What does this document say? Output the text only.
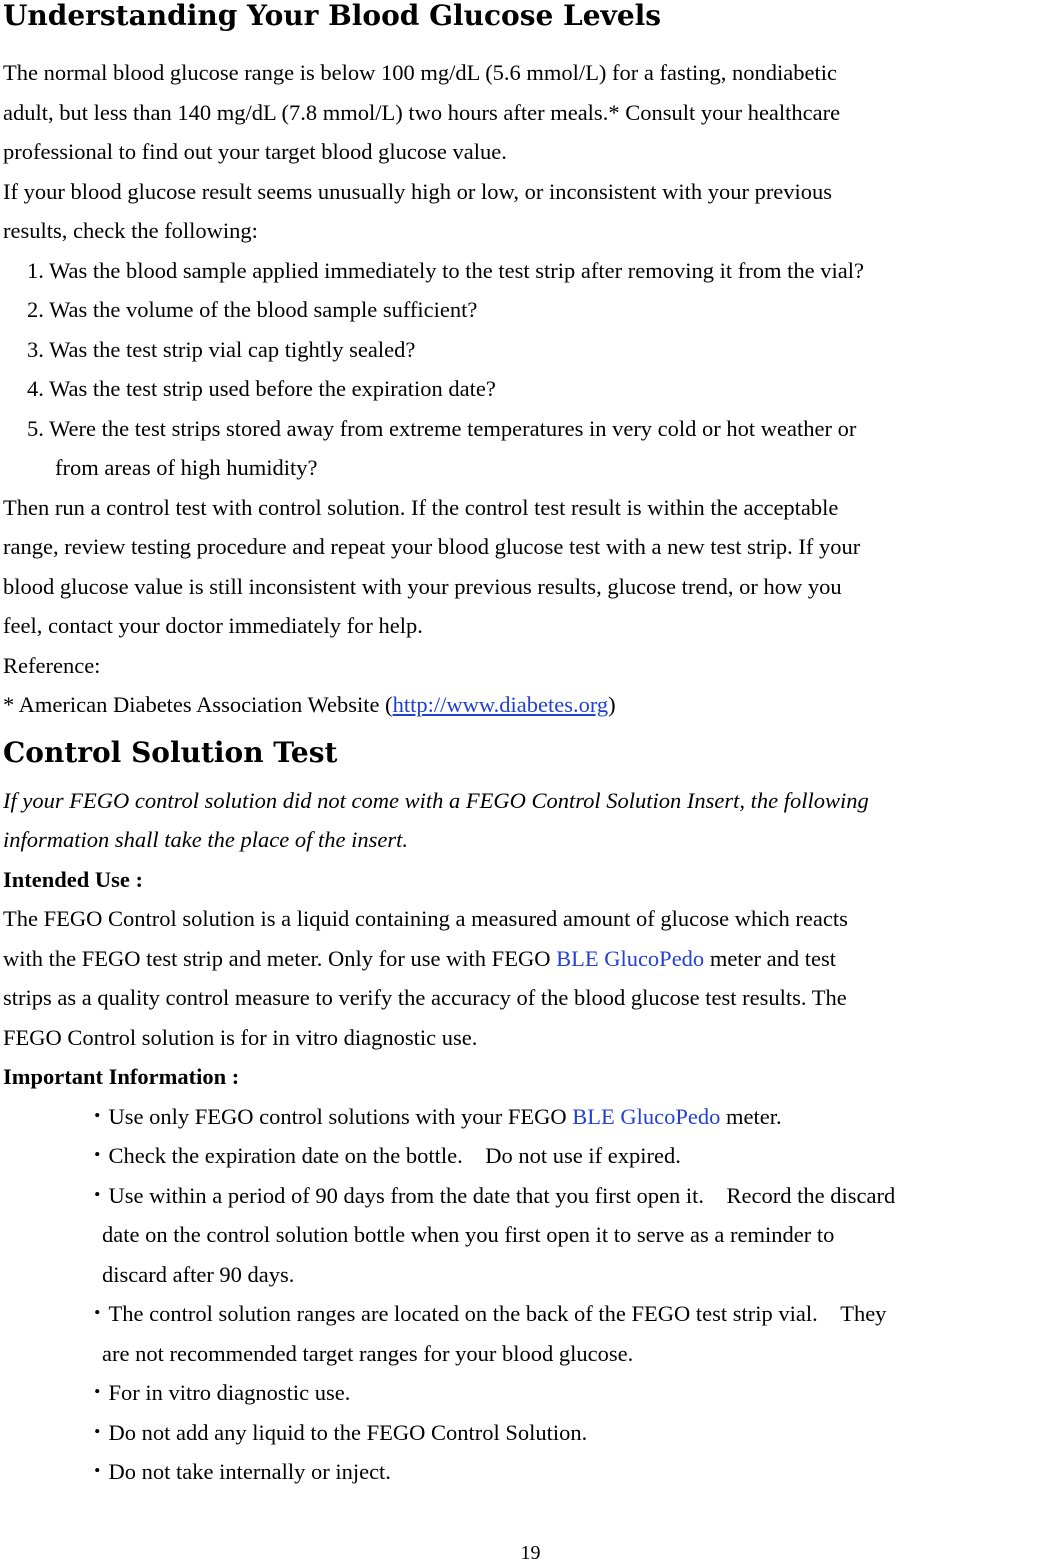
Understanding Your Blood Glucose Levels
The normal blood glucose range is below 100 mg/dL (5.6 mmol/L) for a fasting, nondiabetic
adult, but less than 140 mg/dL (7.8 mmol/L) two hours after meals.* Consult your healthcare
professional to find out your target blood glucose value.
If your blood glucose result seems unusually high or low, or inconsistent with your previous
results, check the following:
1. Was the blood sample applied immediately to the test strip after removing it from the vial?
2. Was the volume of the blood sample sufficient?
3. Was the test strip vial cap tightly sealed?
4. Was the test strip used before the expiration date?
5. Were the test strips stored away from extreme temperatures in very cold or hot weather or
from areas of high humidity?
Then run a control test with control solution. If the control test result is within the acceptable
range, review testing procedure and repeat your blood glucose test with a new test strip. If your
blood glucose value is still inconsistent with your previous results, glucose trend, or how you
feel, contact your doctor immediately for help.
Reference:
* American Diabetes Association Website (http://www.diabetes.org)
Control Solution Test
If your FEGO control solution did not come with a FEGO Control Solution Insert, the following
information shall take the place of the insert.
Intended Use :
The FEGO Control solution is a liquid containing a measured amount of glucose which reacts
with the FEGO test strip and meter. Only for use with FEGO BLE GlucoPedo meter and test
strips as a quality control measure to verify the accuracy of the blood glucose test results. The
FEGO Control solution is for in vitro diagnostic use.
Important Information :
・Use only FEGO control solutions with your FEGO BLE GlucoPedo meter.
・Check the expiration date on the bottle.　Do not use if expired.
・Use within a period of 90 days from the date that you first open it.　Record the discard
date on the control solution bottle when you first open it to serve as a reminder to
discard after 90 days.
・The control solution ranges are located on the back of the FEGO test strip vial.　They
are not recommended target ranges for your blood glucose.
・For in vitro diagnostic use.
・Do not add any liquid to the FEGO Control Solution.
・Do not take internally or inject.
19
